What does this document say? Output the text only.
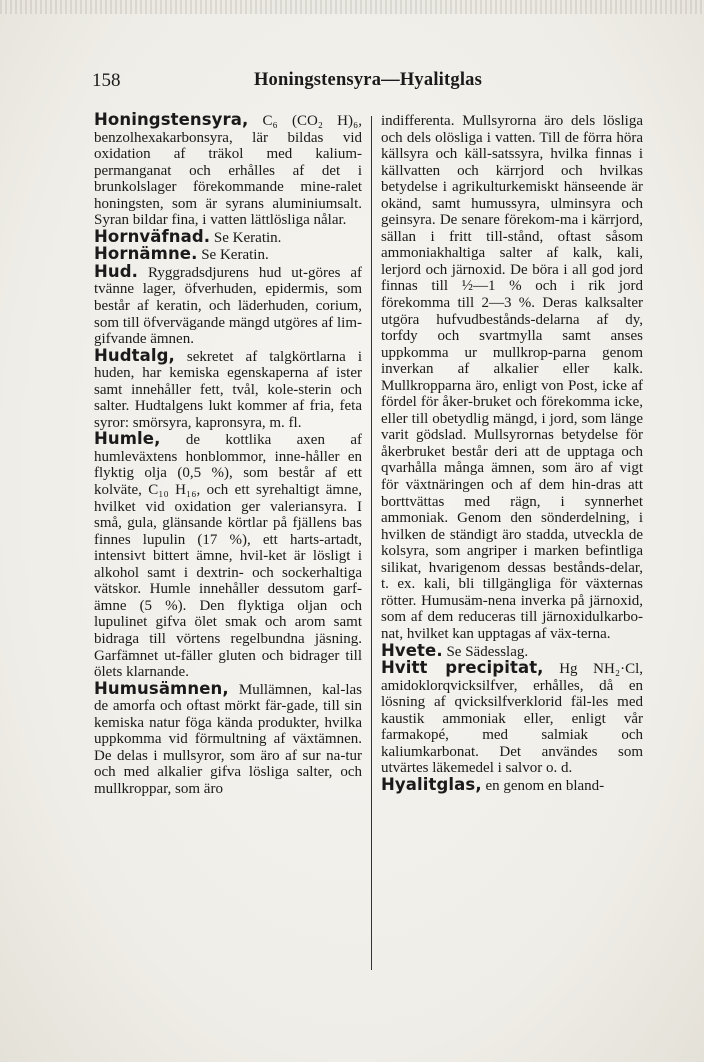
158	Honingstensyra—Hyalitglas

Honingstensyra, C₆ (CO₂ H)₆, benzolhexakarbonsyra, lär bildas vid oxidation af träkol med kalium-permanganat och erhålles af det i brunkolslager förekommande mine-ralet honingsten, som är syrans aluminiumsalt. Syran bildar fina, i vatten lättlösliga nålar.

Hornväfnad. Se Keratin.

Hornämne. Se Keratin.

Hud. Ryggradsdjurens hud ut-göres af tvänne lager, öfverhuden, epidermis, som består af keratin, och läderhuden, corium, som till öfvervägande mängd utgöres af lim-gifvande ämnen.

Hudtalg, sekretet af talgkörtlarna i huden, har kemiska egenskaperna af ister samt innehåller fett, tvål, kole-sterin och salter. Hudtalgens lukt kommer af fria, feta syror: smörsyra, kapronsyra, m. fl.

Humle, de kottlika axen af humleväxtens honblommor, inne-håller en flyktig olja (0,5 %), som består af ett kolväte, C₁₀ H₁₆, och ett syrehaltigt ämne, hvilket vid oxidation ger valeriansyra. I små, gula, glänsande körtlar på fjällens bas finnes lupulin (17 %), ett harts-artadt, intensivt bittert ämne, hvil-ket är lösligt i alkohol samt i dextrin- och sockerhaltiga vätskor. Humle innehåller dessutom garf-ämne (5 %). Den flyktiga oljan och lupulinet gifva ölet smak och arom samt bidraga till vörtens regelbundna jäsning. Garfämnet ut-fäller gluten och bidrager till ölets klarnande.

Humusämnen, Mullämnen, kal-las de amorfa och oftast mörkt fär-gade, till sin kemiska natur föga kända produkter, hvilka uppkomma vid förmultning af växtämnen. De delas i mullsyror, som äro af sur na-tur och med alkalier gifva lösliga salter, och mullkroppar, som äro

indifferenta. Mullsyrorna äro dels lösliga och dels olösliga i vatten. Till de förra höra källsyra och käll-satssyra, hvilka finnas i källvatten och kärrjord och hvilkas betydelse i agrikulturkemiskt hänseende är okänd, samt humussyra, ulminsyra och geinsyra. De senare förekom-ma i kärrjord, sällan i fritt till-stånd, oftast såsom ammoniakhaltiga salter af kalk, kali, lerjord och järnoxid. De böra i all god jord finnas till ½—1 % och i rik jord förekomma till 2—3 %. Deras kalksalter utgöra hufvudbestånds-delarna af dy, torfdy och svartmylla samt anses uppkomma ur mullkrop-parna genom inverkan af alkalier eller kalk. Mullkropparna äro, enligt von Post, icke af fördel för åker-bruket och förekomma icke, eller till obetydlig mängd, i jord, som länge varit gödslad. Mullsyrornas betydelse för åkerbruket består deri att de upptaga och qvarhålla många ämnen, som äro af vigt för växtnäringen och af dem hin-dras att borttvättas med rägn, i synnerhet ammoniak. Genom den sönderdelning, i hvilken de ständigt äro stadda, utveckla de kolsyra, som angriper i marken befintliga silikat, hvarigenom dessas bestånds-delar, t. ex. kali, bli tillgängliga för växternas rötter. Humusäm-nena inverka på järnoxid, som af dem reduceras till järnoxidulkarbo-nat, hvilket kan upptagas af väx-terna.

Hvete. Se Sädesslag.

Hvitt precipitat, Hg NH₂·Cl, amidoklorqvicksilfver, erhålles, då en lösning af qvicksilfverklorid fäl-les med kaustik ammoniak eller, enligt vår farmakopé, med salmiak och kaliumkarbonat. Det användes som utvärtes läkemedel i salvor o. d.

Hyalitglas, en genom en bland-
